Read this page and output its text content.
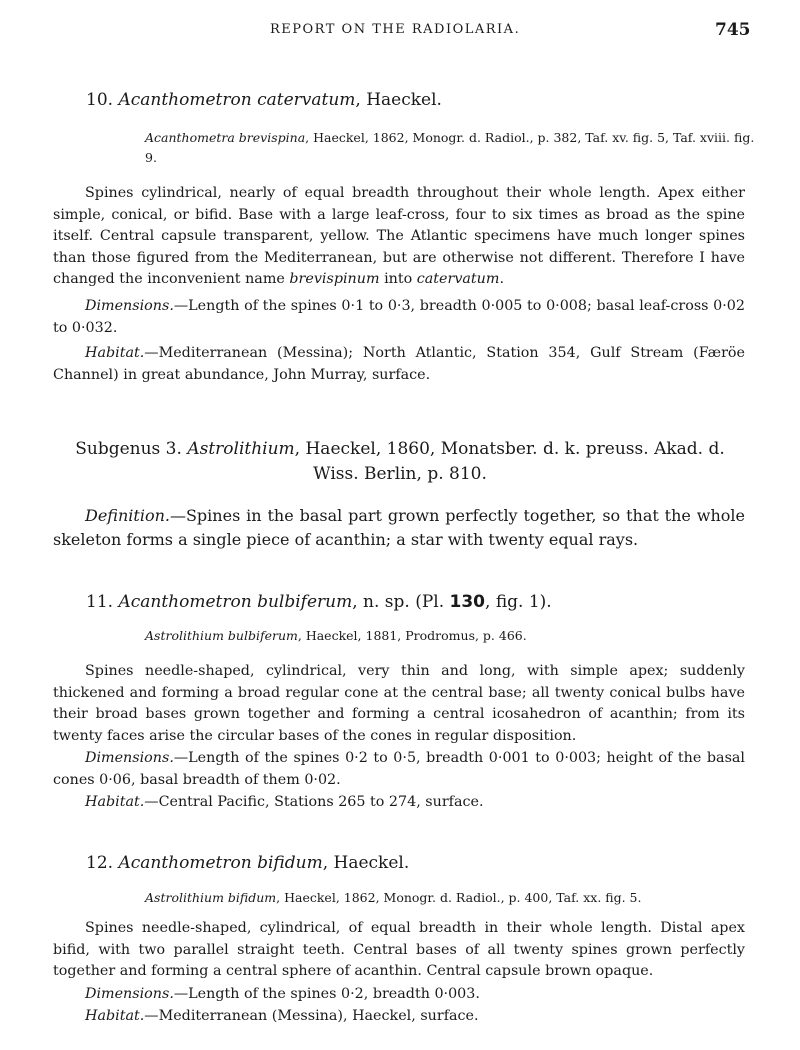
REPORT ON THE RADIOLARIA.	745
10. Acanthometron catervatum, Haeckel.
Acanthometra brevispina, Haeckel, 1862, Monogr. d. Radiol., p. 382, Taf. xv. fig. 5, Taf. xviii. fig. 9.
Spines cylindrical, nearly of equal breadth throughout their whole length. Apex either simple, conical, or bifid. Base with a large leaf-cross, four to six times as broad as the spine itself. Central capsule transparent, yellow. The Atlantic specimens have much longer spines than those figured from the Mediterranean, but are otherwise not different. Therefore I have changed the inconvenient name brevispinum into catervatum.
Dimensions.—Length of the spines 0·1 to 0·3, breadth 0·005 to 0·008; basal leaf-cross 0·02 to 0·032.
Habitat.—Mediterranean (Messina); North Atlantic, Station 354, Gulf Stream (Færöe Channel) in great abundance, John Murray, surface.
Subgenus 3. Astrolithium, Haeckel, 1860, Monatsber. d. k. preuss. Akad. d.
Wiss. Berlin, p. 810.
Definition.—Spines in the basal part grown perfectly together, so that the whole skeleton forms a single piece of acanthin; a star with twenty equal rays.
11. Acanthometron bulbiferum, n. sp. (Pl. 130, fig. 1).
Astrolithium bulbiferum, Haeckel, 1881, Prodromus, p. 466.
Spines needle-shaped, cylindrical, very thin and long, with simple apex; suddenly thickened and forming a broad regular cone at the central base; all twenty conical bulbs have their broad bases grown together and forming a central icosahedron of acanthin; from its twenty faces arise the circular bases of the cones in regular disposition.
Dimensions.—Length of the spines 0·2 to 0·5, breadth 0·001 to 0·003; height of the basal cones 0·06, basal breadth of them 0·02.
Habitat.—Central Pacific, Stations 265 to 274, surface.
12. Acanthometron bifidum, Haeckel.
Astrolithium bifidum, Haeckel, 1862, Monogr. d. Radiol., p. 400, Taf. xx. fig. 5.
Spines needle-shaped, cylindrical, of equal breadth in their whole length. Distal apex bifid, with two parallel straight teeth. Central bases of all twenty spines grown perfectly together and forming a central sphere of acanthin. Central capsule brown opaque.
Dimensions.—Length of the spines 0·2, breadth 0·003.
Habitat.—Mediterranean (Messina), Haeckel, surface.
